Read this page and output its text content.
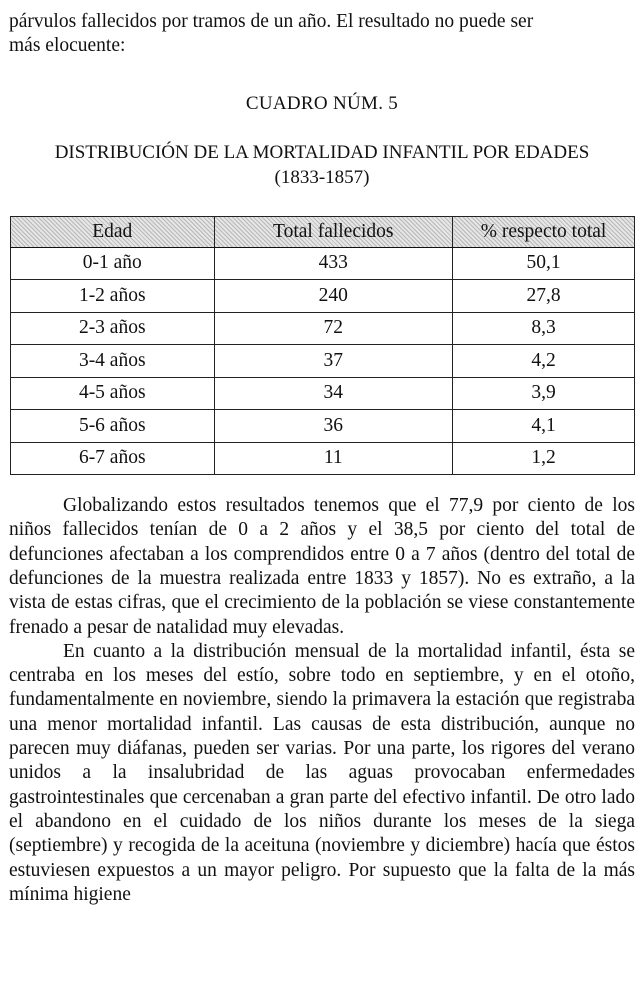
párvulos fallecidos por tramos de un año. El resultado no puede ser
más elocuente:

CUADRO NÚM. 5

DISTRIBUCIÓN DE LA MORTALIDAD INFANTIL POR EDADES

(1833-1857)

Edad	Total fallecidos	% respecto total
0-1 año	433	50,1
1-2 años	240	27,8
2-3 años	72	8,3
3-4 años	37	4,2
4-5 años	34	3,9
5-6 años	36	4,1
6-7 años	11	1,2

Globalizando estos resultados tenemos que el 77,9 por ciento de los niños fallecidos tenían de 0 a 2 años y el 38,5 por ciento del total de defunciones afectaban a los comprendidos entre 0 a 7 años (dentro del total de defunciones de la muestra realizada entre 1833 y 1857). No es extraño, a la vista de estas cifras, que el crecimiento de la población se viese constantemente frenado a pesar de natalidad muy elevadas.

En cuanto a la distribución mensual de la mortalidad infantil, ésta se centraba en los meses del estío, sobre todo en septiembre, y en el otoño, fundamentalmente en noviembre, siendo la primavera la estación que registraba una menor mortalidad infantil. Las causas de esta distribución, aunque no parecen muy diáfanas, pueden ser varias. Por una parte, los rigores del verano unidos a la insalubridad de las aguas provocaban enfermedades gastrointestinales que cercenaban a gran parte del efectivo infantil. De otro lado el abandono en el cuidado de los niños durante los meses de la siega (septiembre) y recogida de la aceituna (noviembre y diciembre) hacía que éstos estuviesen expuestos a un mayor peligro. Por supuesto que la falta de la más mínima higiene
